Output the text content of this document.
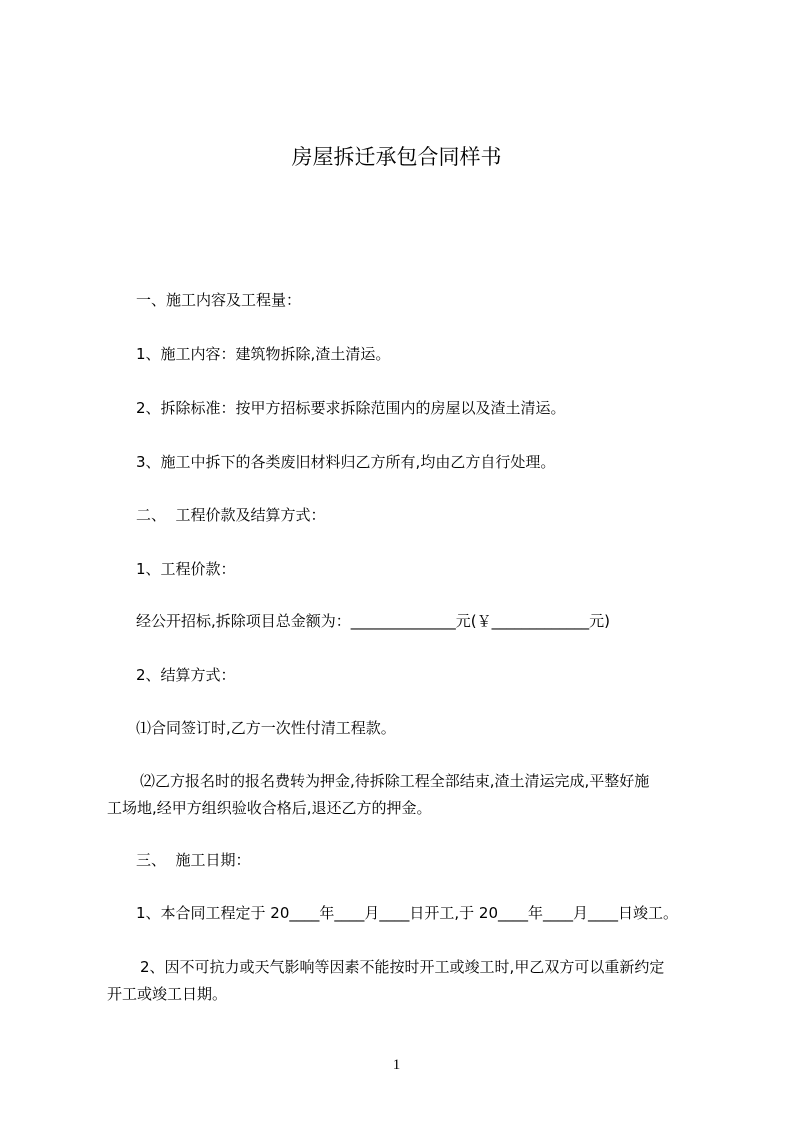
房屋拆迁承包合同样书
一、施工内容及工程量：
1、施工内容：建筑物拆除,渣土清运。
2、拆除标准：按甲方招标要求拆除范围内的房屋以及渣土清运。
3、施工中拆下的各类废旧材料归乙方所有,均由乙方自行处理。
二、  工程价款及结算方式：
1、工程价款：
经公开招标,拆除项目总金额为：______________元(￥_____________元)
2、结算方式：
⑴合同签订时,乙方一次性付清工程款。
⑵乙方报名时的报名费转为押金,待拆除工程全部结束,渣土清运完成,平整好施
工场地,经甲方组织验收合格后,退还乙方的押金。
三、  施工日期：
1、本合同工程定于 20____年____月____日开工,于 20____年____月____日竣工。
2、因不可抗力或天气影响等因素不能按时开工或竣工时,甲乙双方可以重新约定
开工或竣工日期。
1
